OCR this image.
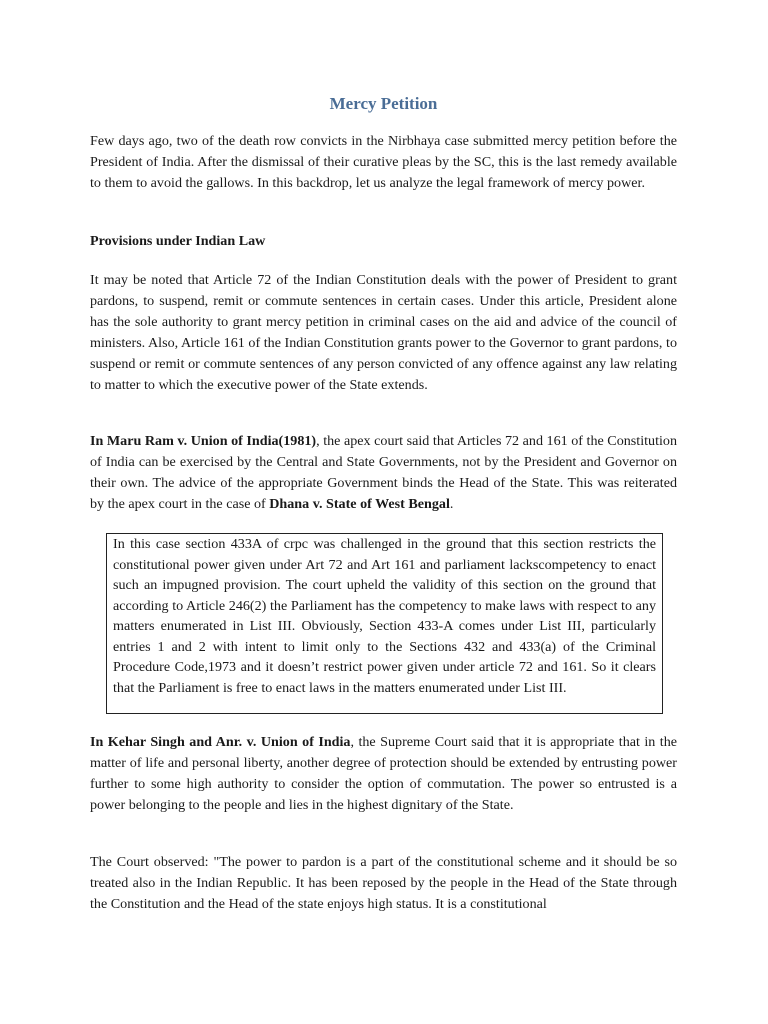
Mercy Petition

Few days ago, two of the death row convicts in the Nirbhaya case submitted mercy petition before the President of India. After the dismissal of their curative pleas by the SC, this is the last remedy available to them to avoid the gallows. In this backdrop, let us analyze the legal framework of mercy power.

Provisions under Indian Law

It may be noted that Article 72 of the Indian Constitution deals with the power of President to grant pardons, to suspend, remit or commute sentences in certain cases. Under this article, President alone has the sole authority to grant mercy petition in criminal cases on the aid and advice of the council of ministers. Also, Article 161 of the Indian Constitution grants power to the Governor to grant pardons, to suspend or remit or commute sentences of any person convicted of any offence against any law relating to matter to which the executive power of the State extends.

In Maru Ram v. Union of India(1981), the apex court said that Articles 72 and 161 of the Constitution of India can be exercised by the Central and State Governments, not by the President and Governor on their own. The advice of the appropriate Government binds the Head of the State. This was reiterated by the apex court in the case of Dhana v. State of West Bengal.

In this case section 433A of crpc was challenged in the ground that this section restricts the constitutional power given under Art 72 and Art 161 and parliament lackscompetency to enact such an impugned provision. The court upheld the validity of this section on the ground that according to Article 246(2) the Parliament has the competency to make laws with respect to any matters enumerated in List III. Obviously, Section 433-A comes under List III, particularly entries 1 and 2 with intent to limit only to the Sections 432 and 433(a) of the Criminal Procedure Code,1973 and it doesn’t restrict power given under article 72 and 161. So it clears that the Parliament is free to enact laws in the matters enumerated under List III.

In Kehar Singh and Anr. v. Union of India, the Supreme Court said that it is appropriate that in the matter of life and personal liberty, another degree of protection should be extended by entrusting power further to some high authority to consider the option of commutation. The power so entrusted is a power belonging to the people and lies in the highest dignitary of the State.

The Court observed: "The power to pardon is a part of the constitutional scheme and it should be so treated also in the Indian Republic. It has been reposed by the people in the Head of the State through the Constitution and the Head of the state enjoys high status. It is a constitutional
